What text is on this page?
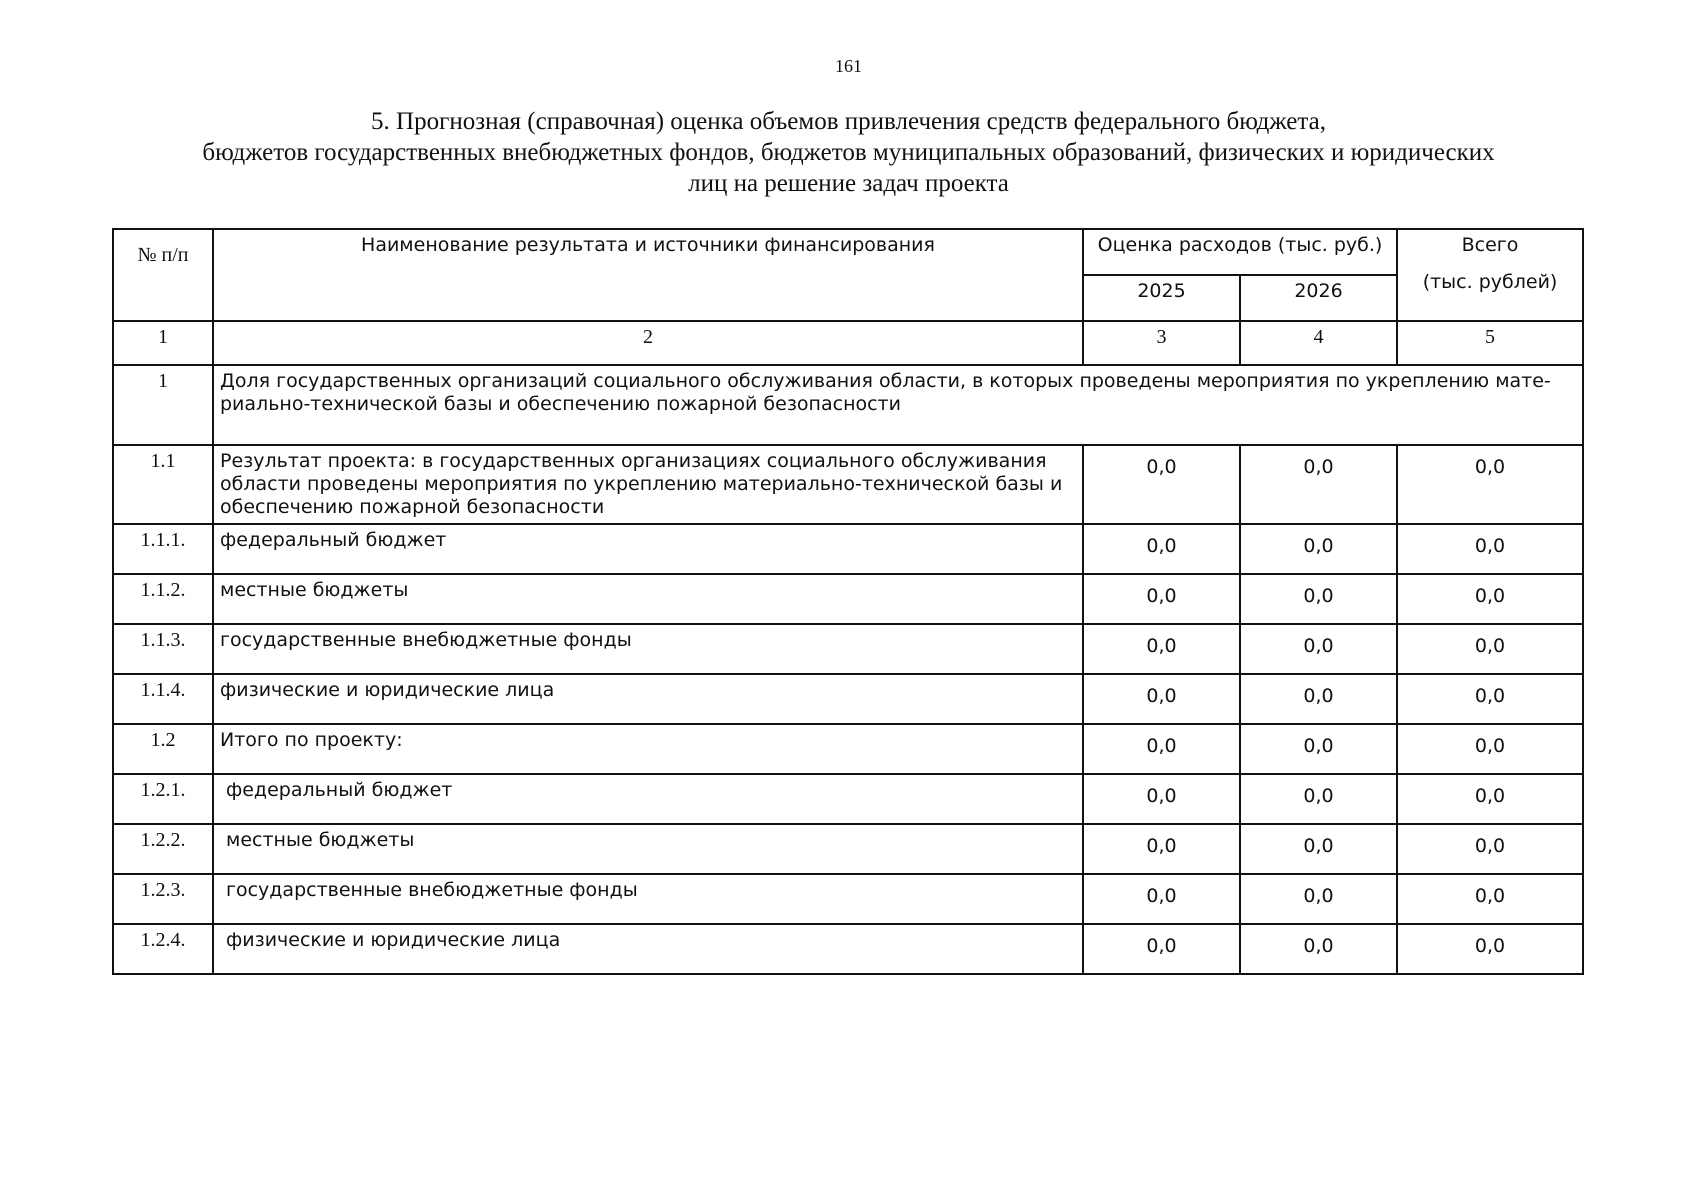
161
5. Прогнозная (справочная) оценка объемов привлечения средств федерального бюджета,
бюджетов государственных внебюджетных фондов, бюджетов муниципальных образований, физических и юридических
лиц на решение задач проекта
№ п/п	Наименование результата и источники финансирования	Оценка расходов (тыс. руб.)		Всего
(тыс. рублей)

		2025	2026	
1	2	3	4	5
1	Доля государственных организаций социального обслуживания области, в которых проведены мероприятия по укреплению мате-риально-технической базы и обеспечению пожарной безопасности			
1.1	Результат проекта: в государственных организациях социального обслуживания области проведены мероприятия по укреплению материально-технической базы и обеспечению пожарной безопасности	0,0	0,0	0,0
1.1.1.	федеральный бюджет	0,0	0,0	0,0
1.1.2.	местные бюджеты	0,0	0,0	0,0
1.1.3.	государственные внебюджетные фонды	0,0	0,0	0,0
1.1.4.	физические и юридические лица	0,0	0,0	0,0
1.2	Итого по проекту:	0,0	0,0	0,0
1.2.1.	федеральный бюджет	0,0	0,0	0,0
1.2.2.	местные бюджеты	0,0	0,0	0,0
1.2.3.	государственные внебюджетные фонды	0,0	0,0	0,0
1.2.4.	физические и юридические лица	0,0	0,0	0,0
